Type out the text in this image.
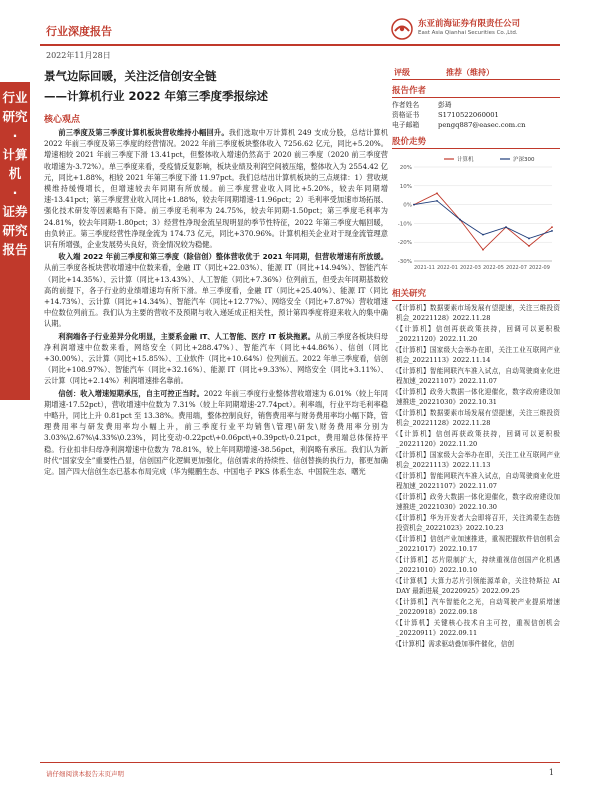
行业深度报告
东亚前海证券有限责任公司
East Asia Qianhai Securities Co.,Ltd.
2022年11月28日
行业研究
·
计算机
·
证券研究报告
景气边际回暖，关注泛信创安全链
——计算机行业 2022 年第三季度季报综述
核心观点

前三季度及第三季度计算机板块营收维持小幅回升。我们选取中万计算机 249 支成分股，总结计算机 2022 年前三季度及第三季度的经营情况。2022 年前三季度板块整体收入 7256.62 亿元，同比+5.20%。增速相较 2021 年前三季度下滑 13.41pct，但整体收入增速仍然高于 2020 前三季度（2020 前三季度营收增速为-3.72%）。单三季度来看，受疫情反复影响，板块业绩及利润空间被压缩，整体收入为 2554.42 亿元，同比+1.88%，相较 2021 年第三季度下滑 11.97pct。我们总结出计算机板块的三点规律：1）营收规模维持缓慢增长，但增速较去年同期有所放缓。前三季度营业收入同比+5.20%，较去年同期增速-13.41pct；第三季度营业收入同比+1.88%，较去年同期增速-11.96pct；2）毛利率受加速市场拓展、强化技术研发等因素略有下降。前三季度毛利率为 24.75%，较去年同期-1.50pct；第三季度毛利率为 24.81%，较去年同期-1.80pct；3）经营性净现金流呈现明显的季节性特征，2022 年第三季度大幅回暖，由负转正。第三季度经营性净现金流为 174.73 亿元，同比+370.96%。计算机相关企业对于现金流管理意识有所增强，企业发展势头良好，资金情况较为稳健。

收入端 2022 年前三季度和第三季度（除信创）整体营收优于 2021 年同期，但营收增速有所放缓。从前三季度各板块营收增速中位数来看，金融 IT（同比+22.03%）、能源 IT（同比+14.94%）、智能汽车（同比+14.35%）、云计算（同比+13.43%）、人工智能（同比+7.36%）位列前五，但受去年同期基数较高的前提下，各子行业的业绩增速均有所下滑。单三季度看，金融 IT（同比+25.40%）、能源 IT（同比+14.73%）、云计算（同比+14.34%）、智能汽车（同比+12.77%）、网络安全（同比+7.87%）营收增速中位数位列前五。我们认为主要的营收不及预期与收入递延成正相关性，预计第四季度将迎来收入的集中确认期。

利润端各子行业差异分化明显，主要系金融 IT、人工智能、医疗 IT 板块拖累。从前三季度各板块归母净利润增速中位数来看，网络安全（同比+288.47%）、智能汽车（同比+44.86%）、信创（同比+30.00%）、云计算（同比+15.85%）、工业软件（同比+10.64%）位列前五。2022 年单三季度看，信创（同比+108.97%）、智能汽车（同比+32.16%）、能源 IT（同比+9.33%）、网络安全（同比+3.11%）、云计算（同比+2.14%）利润增速排名靠前。

信创：收入增速短期承压，自主可控正当时。2022 年前三季度行业整体营收增速为 6.01%（较上年同期增速-17.52pct），营收增速中位数为 7.31%（较上年同期增速-27.74pct）。利率端，行业平均毛利率稳中略升，同比上升 0.81pct 至 13.38%。费用端，整体控制良好，销售费用率与财务费用率均小幅下降，管理费用率与研发费用率均小幅上升，前三季度行业平均销售\管理\研发\财务费用率分别为 3.03%\2.67%\4.33%\0.23%，同比变动-0.22pct\+0.06pct\+0.39pct\-0.21pct，费用端总体保持平稳。行业扣非归母净利润增速中位数为 78.81%，较上年同期增速-38.56pct，利润略有承压。我们认为新时代“国家安全”重要性凸显，信创国产化逻辑更加强化，信创需求的持续性、信创替换的执行力，都更加确定。国产四大信创生态已基本布局完成（华为鲲鹏生态、中国电子 PKS 体系生态、中国院生态、曙光

评级	推荐（维持）
报告作者
作者姓名	彭琦
资格证书	S1710522060001
电子邮箱	pengq887@easec.com.cn
股价走势
20%
10%
0%
-10%
-20%
-30%
2021-11 2022-01 2022-03 2022-05 2022-07 2022-09
计算机	沪深300
相关研究
《【计算机】数据要素市场发展有望提速，关注三维投资机会_20221128》2022.11.28
《【计算机】信创再获政策扶持，回调可以更积极_20221120》2022.11.20
《【计算机】国家级大会举办在即，关注工业互联网产业机会_20221113》2022.11.14
《【计算机】智能网联汽车准入试点，自动驾驶商业化进程加速_20221107》2022.11.07
《【计算机】政务大数据一体化迎催化，数字政府建设加速推进_20221030》2022.10.31
《【计算机】数据要素市场发展有望提速，关注三维投资机会_20221128》2022.11.28
《【计算机】信创再获政策扶持，回调可以更积极_20221120》2022.11.20
《【计算机】国家级大会举办在即，关注工业互联网产业机会_20221113》2022.11.13
《【计算机】智能网联汽车准入试点，自动驾驶商业化进程加速_20221107》2022.11.07
《【计算机】政务大数据一体化迎催化，数字政府建设加速推进_20221030》2022.10.30
《【计算机】华为开发者大会即将召开，关注鸿蒙生态链投资机会_20221023》2022.10.23
《【计算机】信创产业加速推进，重视把握软件信创机会_20221017》2022.10.17
《【计算机】芯片限制扩大，持续重视信创国产化机遇_20221010》2022.10.10
《【计算机】大算力芯片引领能源革命，关注特斯拉 AI DAY 最新进展_20220925》2022.09.25
《【计算机】汽车智能化之光，自动驾驶产业提质增速_20220918》2022.09.18
《【计算机】关键核心技术自主可控，重视信创机会_20220911》2022.09.11
《【计算机】需求驱动叠加事件催化，信创
请仔细阅读本报告末页声明	1
